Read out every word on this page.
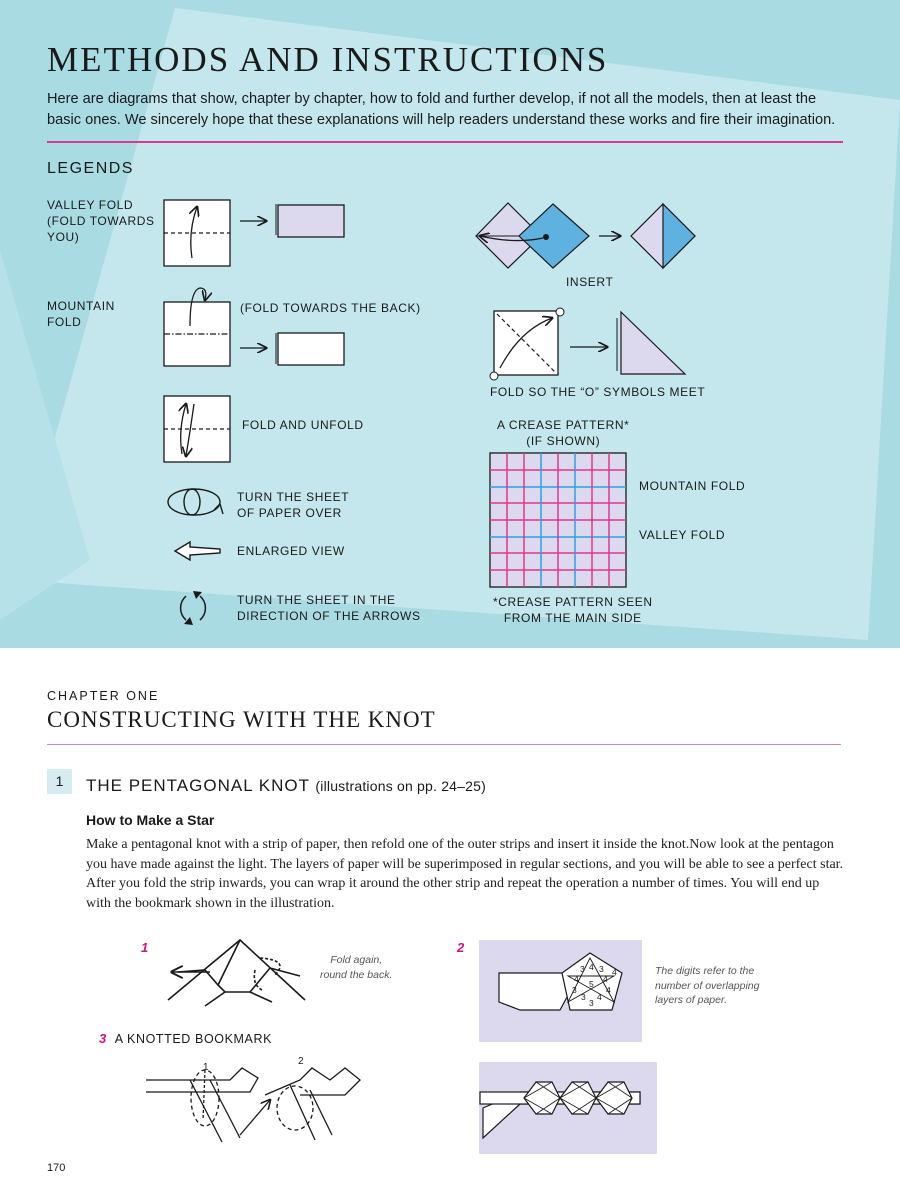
METHODS AND INSTRUCTIONS
Here are diagrams that show, chapter by chapter, how to fold and further develop, if not all the models, then at least the basic ones. We sincerely hope that these explanations will help readers understand these works and fire their imagination.
LEGENDS
VALLEY FOLD
(FOLD TOWARDS
YOU)
MOUNTAIN
FOLD
(FOLD TOWARDS THE BACK)
FOLD AND UNFOLD
TURN THE SHEET
OF PAPER OVER
ENLARGED VIEW
TURN THE SHEET IN THE
DIRECTION OF THE ARROWS
INSERT
FOLD SO THE “O” SYMBOLS MEET
A CREASE PATTERN*
(IF SHOWN)
MOUNTAIN FOLD
VALLEY FOLD
*CREASE PATTERN SEEN
FROM THE MAIN SIDE
CHAPTER ONE
CONSTRUCTING WITH THE KNOT
1	THE PENTAGONAL KNOT (illustrations on pp. 24–25)
How to Make a Star
Make a pentagonal knot with a strip of paper, then refold one of the outer strips and insert it inside the knot.Now look at the pentagon you have made against the light. The layers of paper will be superimposed in regular sections, and you will be able to see a perfect star. After you fold the strip inwards, you can wrap it around the other strip and repeat the operation a number of times. You will end up with the bookmark shown in the illustration.
1
Fold again,
round the back.
2
The digits refer to the
number of overlapping
layers of paper.
3 A KNOTTED BOOKMARK
1
2
3 4 3
4 5 4
3	4
3 4
3
4
170
